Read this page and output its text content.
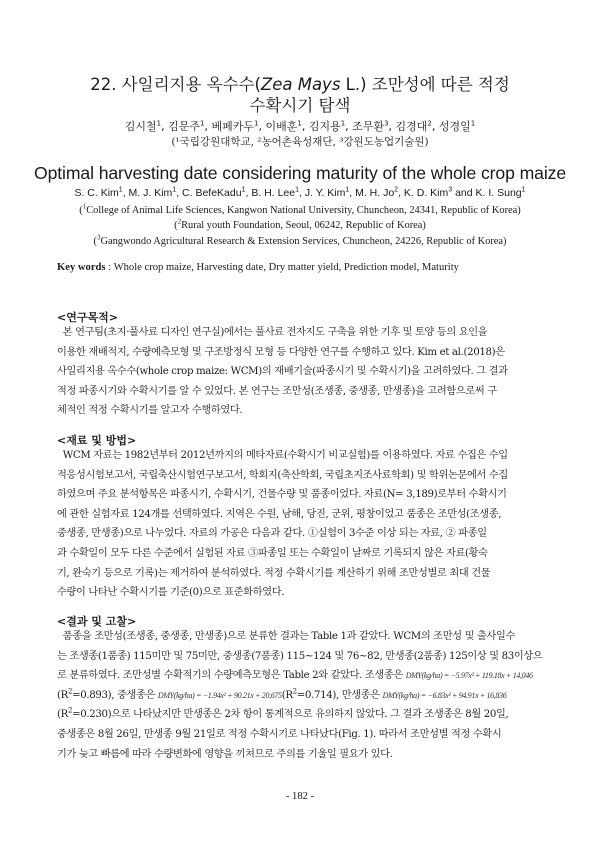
22. 사일리지용 옥수수(Zea Mays L.) 조만성에 따른 적정
수확시기 탐색
김시철$^1$, 김문주$^1$, 베페카두$^1$, 이배훈$^1$, 김지용$^1$, 조무환$^3$, 김경대$^2$, 성경일$^1$
(¹국립강원대학교, ²농어촌육성재단, ³강원도농업기술원)
Optimal harvesting date considering maturity of the whole crop maize
S. C. Kim$^1$, M. J. Kim$^1$, C. BefeKadu$^1$, B. H. Lee$^1$, J. Y. Kim$^1$, M. H. Jo$^2$, K. D. Kim$^3$ and K. I. Sung$^1$
($^1$College of Animal Life Sciences, Kangwon National University, Chuncheon, 24341, Republic of Korea)
($^2$Rural youth Foundation, Seoul, 06242, Republic of Korea)
($^3$Gangwondo Agricultural Research & Extension Services, Chuncheon, 24226, Republic of Korea)
Key words : Whole crop maize, Harvesting date, Dry matter yield, Prediction model, Maturity
<연구목적>
본 연구팀(초지·풀사료 디자인 연구실)에서는 풀사료 전자지도 구축을 위한 기후 및 토양 등의 요인을
이용한 재배적지, 수량예측모형 및 구조방정식 모형 등 다양한 연구를 수행하고 있다. Kim et al.(2018)은
사일리지용 옥수수(whole crop maize: WCM)의 재배기술(파종시기 및 수확시기)을 고려하였다. 그 결과
적정 파종시기와 수확시기를 알 수 있었다. 본 연구는 조만성(조생종, 중생종, 만생종)을 고려함으로써 구
체적인 적정 수확시기를 알고자 수행하였다.
<재료 및 방법>
WCM 자료는 1982년부터 2012년까지의 메타자료(수확시기 비교실험)를 이용하였다. 자료 수집은 수입
적응성시험보고서, 국립축산시험연구보고서, 학회지(축산학회, 국립초지조사료학회) 및 학위논문에서 수집
하였으며 주요 분석항목은 파종시기, 수확시기, 건물수량 및 품종이었다. 자료(N= 3,189)로부터 수확시기
에 관한 실험자료 124개를 선택하였다. 지역은 수원, 남해, 당진, 군위, 평창이었고 품종은 조만성(조생종,
중생종, 만생종)으로 나누었다. 자료의 가공은 다음과 같다. ①실험이 3수준 이상 되는 자료, ② 파종일
과 수확일이 모두 다른 수준에서 실험된 자료 ③파종일 또는 수확일이 날짜로 기록되지 않은 자료(황숙
기, 완숙기 등으로 기록)는 제거하여 분석하였다. 적정 수확시기를 계산하기 위해 조만성별로 최대 건물
수량이 나타난 수확시기를 기준(0)으로 표준화하였다.
<결과 및 고찰>
품종을 조만성(조생종, 중생종, 만생종)으로 분류한 결과는 Table 1과 같았다. WCM의 조만성 및 출사일수
는 조생종(1품종) 115미만 및 75미만, 중생종(7품종) 115~124 및 76~82, 만생종(2품종) 125이상 및 83이상으
로 분류하였다. 조만성별 수확적기의 수량예측모형은 Table 2와 같았다. 조생종은 DMY(kg/ha) = −5.97x² + 119.18x + 14,046
$(R^2=0.893)$, 중생종은 $DMY(kg/ha) = -1.94x^2 + 90.21x + 20,675(R^2=0.714)$, 만생종은 DMY(kg/ha) = −6.83x² + 94.91x + 16,836
$(R^2=0.230)$으로 나타났지만 만생종은 2차 항이 통계적으로 유의하지 않았다. 그 결과 조생종은 8월 20일,
중생종은 8월 26일, 만생종 9월 21일로 적정 수확시기로 나타났다(Fig. 1). 따라서 조만성별 적정 수확시
기가 늦고 빠름에 따라 수량변화에 영향을 끼쳐므로 주의를 기울일 필요가 있다.
- 182 -
